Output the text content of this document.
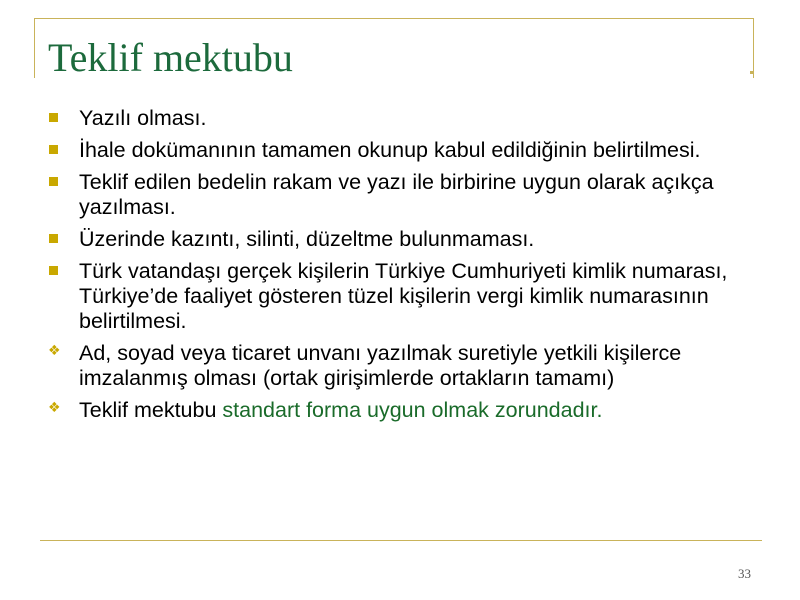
Teklif mektubu
Yazılı olması.
İhale dokümanının tamamen okunup kabul edildiğinin belirtilmesi.
Teklif edilen bedelin rakam ve yazı ile birbirine uygun olarak açıkça yazılması.
Üzerinde kazıntı, silinti, düzeltme bulunmaması.
Türk vatandaşı gerçek kişilerin Türkiye Cumhuriyeti kimlik numarası, Türkiye’de faaliyet gösteren tüzel kişilerin vergi kimlik numarasının belirtilmesi.
❖ Ad, soyad veya ticaret unvanı yazılmak suretiyle yetkili kişilerce imzalanmış olması (ortak girişimlerde ortakların tamamı)
❖ Teklif mektubu standart forma uygun olmak zorundadır.
33
